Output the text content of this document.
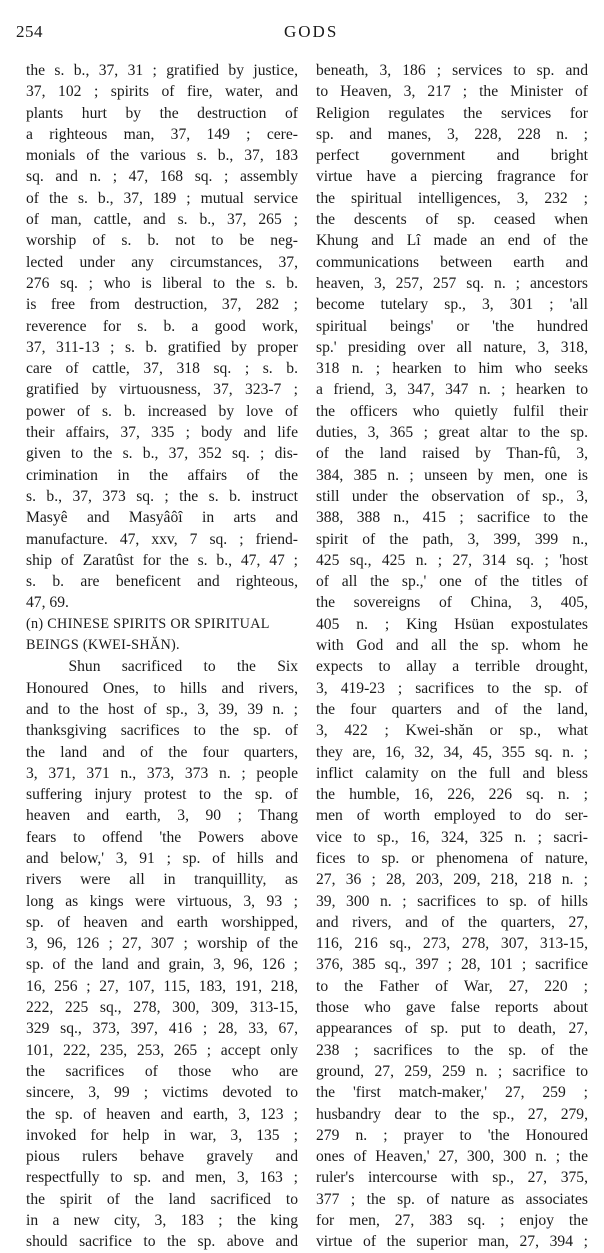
254	GODS
the s. b., 37, 31 ; gratified by justice,
37, 102 ; spirits of fire, water, and
plants hurt by the destruction of
a righteous man, 37, 149 ; cere-
monials of the various s. b., 37, 183
sq. and n. ; 47, 168 sq. ; assembly
of the s. b., 37, 189 ; mutual service
of man, cattle, and s. b., 37, 265 ;
worship of s. b. not to be neg-
lected under any circumstances, 37,
276 sq. ; who is liberal to the s. b.
is free from destruction, 37, 282 ;
reverence for s. b. a good work,
37, 311-13 ; s. b. gratified by proper
care of cattle, 37, 318 sq. ; s. b.
gratified by virtuousness, 37, 323-7 ;
power of s. b. increased by love of
their affairs, 37, 335 ; body and life
given to the s. b., 37, 352 sq. ; dis-
crimination in the affairs of the
s. b., 37, 373 sq. ; the s. b. instruct
Masyê and Masyâôî in arts and
manufacture. 47, xxv, 7 sq. ; friend-
ship of Zaratûst for the s. b., 47, 47 ;
s. b. are beneficent and righteous,
47, 69.
(n) CHINESE SPIRITS OR SPIRITUAL
BEINGS (KWEI-SHĂN).
Shun sacrificed to the Six
Honoured Ones, to hills and rivers,
and to the host of sp., 3, 39, 39 n. ;
thanksgiving sacrifices to the sp. of
the land and of the four quarters,
3, 371, 371 n., 373, 373 n. ; people
suffering injury protest to the sp. of
heaven and earth, 3, 90 ; Thang
fears to offend 'the Powers above
and below,' 3, 91 ; sp. of hills and
rivers were all in tranquillity, as
long as kings were virtuous, 3, 93 ;
sp. of heaven and earth worshipped,
3, 96, 126 ; 27, 307 ; worship of the
sp. of the land and grain, 3, 96, 126 ;
16, 256 ; 27, 107, 115, 183, 191, 218,
222, 225 sq., 278, 300, 309, 313-15,
329 sq., 373, 397, 416 ; 28, 33, 67,
101, 222, 235, 253, 265 ; accept only
the sacrifices of those who are
sincere, 3, 99 ; victims devoted to
the sp. of heaven and earth, 3, 123 ;
invoked for help in war, 3, 135 ;
pious rulers behave gravely and
respectfully to sp. and men, 3, 163 ;
the spirit of the land sacrificed to
in a new city, 3, 183 ; the king
should sacrifice to the sp. above and
beneath, 3, 186 ; services to sp. and
to Heaven, 3, 217 ; the Minister of
Religion regulates the services for
sp. and manes, 3, 228, 228 n. ;
perfect government and bright
virtue have a piercing fragrance for
the spiritual intelligences, 3, 232 ;
the descents of sp. ceased when
Khung and Lî made an end of the
communications between earth and
heaven, 3, 257, 257 sq. n. ; ancestors
become tutelary sp., 3, 301 ; 'all
spiritual beings' or 'the hundred
sp.' presiding over all nature, 3, 318,
318 n. ; hearken to him who seeks
a friend, 3, 347, 347 n. ; hearken to
the officers who quietly fulfil their
duties, 3, 365 ; great altar to the sp.
of the land raised by Than-fû, 3,
384, 385 n. ; unseen by men, one is
still under the observation of sp., 3,
388, 388 n., 415 ; sacrifice to the
spirit of the path, 3, 399, 399 n.,
425 sq., 425 n. ; 27, 314 sq. ; 'host
of all the sp.,' one of the titles of
the sovereigns of China, 3, 405,
405 n. ; King Hsüan expostulates
with God and all the sp. whom he
expects to allay a terrible drought,
3, 419-23 ; sacrifices to the sp. of
the four quarters and of the land,
3, 422 ; Kwei-shăn or sp., what
they are, 16, 32, 34, 45, 355 sq. n. ;
inflict calamity on the full and bless
the humble, 16, 226, 226 sq. n. ;
men of worth employed to do ser-
vice to sp., 16, 324, 325 n. ; sacri-
fices to sp. or phenomena of nature,
27, 36 ; 28, 203, 209, 218, 218 n. ;
39, 300 n. ; sacrifices to sp. of hills
and rivers, and of the quarters, 27,
116, 216 sq., 273, 278, 307, 313-15,
376, 385 sq., 397 ; 28, 101 ; sacrifice
to the Father of War, 27, 220 ;
those who gave false reports about
appearances of sp. put to death, 27,
238 ; sacrifices to the sp. of the
ground, 27, 259, 259 n. ; sacrifice to
the 'first match-maker,' 27, 259 ;
husbandry dear to the sp., 27, 279,
279 n. ; prayer to 'the Honoured
ones of Heaven,' 27, 300, 300 n. ; the
ruler's intercourse with sp., 27, 375,
377 ; the sp. of nature as associates
for men, 27, 383 sq. ; enjoy the
virtue of the superior man, 27, 394 ;
